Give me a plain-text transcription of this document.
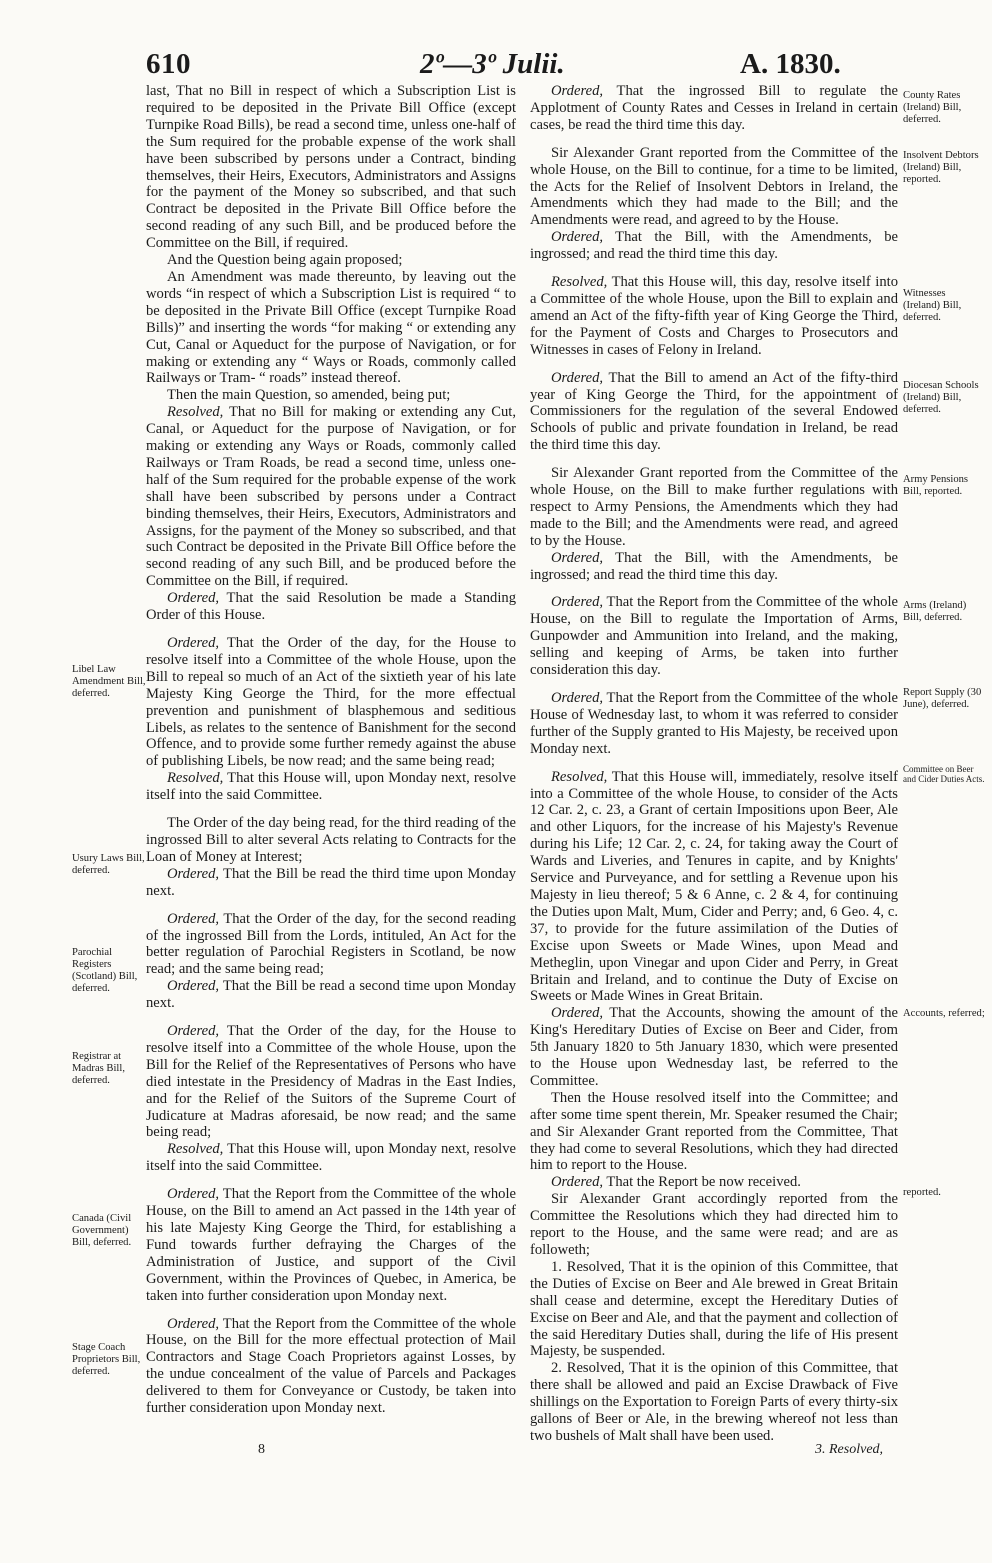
610	2º—3º Julii.	A. 1830.

last, That no Bill in respect of which a Subscription List is required to be deposited in the Private Bill Office (except Turnpike Road Bills), be read a second time, unless one-half of the Sum required for the probable expense of the work shall have been subscribed by persons under a Contract, binding themselves, their Heirs, Executors, Administrators and Assigns for the payment of the Money so subscribed, and that such Contract be deposited in the Private Bill Office before the second reading of any such Bill, and be produced before the Committee on the Bill, if required.

And the Question being again proposed;

An Amendment was made thereunto, by leaving out the words “in respect of which a Subscription List is required “ to be deposited in the Private Bill Office (except Turnpike Road Bills)” and inserting the words “for making “ or extending any Cut, Canal or Aqueduct for the purpose of Navigation, or for making or extending any “ Ways or Roads, commonly called Railways or Tram- “ roads” instead thereof.

Then the main Question, so amended, being put;

Resolved, That no Bill for making or extending any Cut, Canal, or Aqueduct for the purpose of Navigation, or for making or extending any Ways or Roads, commonly called Railways or Tram Roads, be read a second time, unless one-half of the Sum required for the probable expense of the work shall have been subscribed by persons under a Contract binding themselves, their Heirs, Executors, Administrators and Assigns, for the payment of the Money so subscribed, and that such Contract be deposited in the Private Bill Office before the second reading of any such Bill, and be produced before the Committee on the Bill, if required.

Ordered, That the said Resolution be made a Standing Order of this House.

Ordered, That the Order of the day, for the House to resolve itself into a Committee of the whole House, upon the Bill to repeal so much of an Act of the sixtieth year of his late Majesty King George the Third, for the more effectual prevention and punishment of blasphemous and seditious Libels, as relates to the sentence of Banishment for the second Offence, and to provide some further remedy against the abuse of publishing Libels, be now read; and the same being read;

Resolved, That this House will, upon Monday next, resolve itself into the said Committee.

The Order of the day being read, for the third reading of the ingrossed Bill to alter several Acts relating to Contracts for the Loan of Money at Interest;

Ordered, That the Bill be read the third time upon Monday next.

Ordered, That the Order of the day, for the second reading of the ingrossed Bill from the Lords, intituled, An Act for the better regulation of Parochial Registers in Scotland, be now read; and the same being read;

Ordered, That the Bill be read a second time upon Monday next.

Ordered, That the Order of the day, for the House to resolve itself into a Committee of the whole House, upon the Bill for the Relief of the Representatives of Persons who have died intestate in the Presidency of Madras in the East Indies, and for the Relief of the Suitors of the Supreme Court of Judicature at Madras aforesaid, be now read; and the same being read;

Resolved, That this House will, upon Monday next, resolve itself into the said Committee.

Ordered, That the Report from the Committee of the whole House, on the Bill to amend an Act passed in the 14th year of his late Majesty King George the Third, for establishing a Fund towards further defraying the Charges of the Administration of Justice, and support of the Civil Government, within the Provinces of Quebec, in America, be taken into further consideration upon Monday next.

Ordered, That the Report from the Committee of the whole House, on the Bill for the more effectual protection of Mail Contractors and Stage Coach Proprietors against Losses, by the undue concealment of the value of Parcels and Packages delivered to them for Conveyance or Custody, be taken into further consideration upon Monday next.

Ordered, That the ingrossed Bill to regulate the Applotment of County Rates and Cesses in Ireland in certain cases, be read the third time this day.

Sir Alexander Grant reported from the Committee of the whole House, on the Bill to continue, for a time to be limited, the Acts for the Relief of Insolvent Debtors in Ireland, the Amendments which they had made to the Bill; and the Amendments were read, and agreed to by the House.

Ordered, That the Bill, with the Amendments, be ingrossed; and read the third time this day.

Resolved, That this House will, this day, resolve itself into a Committee of the whole House, upon the Bill to explain and amend an Act of the fifty-fifth year of King George the Third, for the Payment of Costs and Charges to Prosecutors and Witnesses in cases of Felony in Ireland.

Ordered, That the Bill to amend an Act of the fifty-third year of King George the Third, for the appointment of Commissioners for the regulation of the several Endowed Schools of public and private foundation in Ireland, be read the third time this day.

Sir Alexander Grant reported from the Committee of the whole House, on the Bill to make further regulations with respect to Army Pensions, the Amendments which they had made to the Bill; and the Amendments were read, and agreed to by the House.

Ordered, That the Bill, with the Amendments, be ingrossed; and read the third time this day.

Ordered, That the Report from the Committee of the whole House, on the Bill to regulate the Importation of Arms, Gunpowder and Ammunition into Ireland, and the making, selling and keeping of Arms, be taken into further consideration this day.

Ordered, That the Report from the Committee of the whole House of Wednesday last, to whom it was referred to consider further of the Supply granted to His Majesty, be received upon Monday next.

Resolved, That this House will, immediately, resolve itself into a Committee of the whole House, to consider of the Acts 12 Car. 2, c. 23, a Grant of certain Impositions upon Beer, Ale and other Liquors, for the increase of his Majesty's Revenue during his Life; 12 Car. 2, c. 24, for taking away the Court of Wards and Liveries, and Tenures in capite, and by Knights' Service and Purveyance, and for settling a Revenue upon his Majesty in lieu thereof; 5 & 6 Anne, c. 2 & 4, for continuing the Duties upon Malt, Mum, Cider and Perry; and, 6 Geo. 4, c. 37, to provide for the future assimilation of the Duties of Excise upon Sweets or Made Wines, upon Mead and Metheglin, upon Vinegar and upon Cider and Perry, in Great Britain and Ireland, and to continue the Duty of Excise on Sweets or Made Wines in Great Britain.

Ordered, That the Accounts, showing the amount of the King's Hereditary Duties of Excise on Beer and Cider, from 5th January 1820 to 5th January 1830, which were presented to the House upon Wednesday last, be referred to the Committee.

Then the House resolved itself into the Committee; and after some time spent therein, Mr. Speaker resumed the Chair; and Sir Alexander Grant reported from the Committee, That they had come to several Resolutions, which they had directed him to report to the House.

Ordered, That the Report be now received.

Sir Alexander Grant accordingly reported from the Committee the Resolutions which they had directed him to report to the House, and the same were read; and are as followeth;

1. Resolved, That it is the opinion of this Committee, that the Duties of Excise on Beer and Ale brewed in Great Britain shall cease and determine, except the Hereditary Duties of Excise on Beer and Ale, and that the payment and collection of the said Hereditary Duties shall, during the life of His present Majesty, be suspended.

2. Resolved, That it is the opinion of this Committee, that there shall be allowed and paid an Excise Drawback of Five shillings on the Exportation to Foreign Parts of every thirty-six gallons of Beer or Ale, in the brewing whereof not less than two bushels of Malt shall have been used.

Libel Law Amendment Bill, deferred.
Usury Laws Bill, deferred.
Parochial Registers (Scotland) Bill, deferred.
Registrar at Madras Bill, deferred.
Canada (Civil Government) Bill, deferred.
Stage Coach Proprietors Bill, deferred.
County Rates (Ireland) Bill, deferred.
Insolvent Debtors (Ireland) Bill, reported.
Witnesses (Ireland) Bill, deferred.
Diocesan Schools (Ireland) Bill, deferred.
Army Pensions Bill, reported.
Arms (Ireland) Bill, deferred.
Report Supply (30 June), deferred.
Committee on Beer and Cider Duties Acts.
Accounts, referred;
reported.
8	3. Resolved,
